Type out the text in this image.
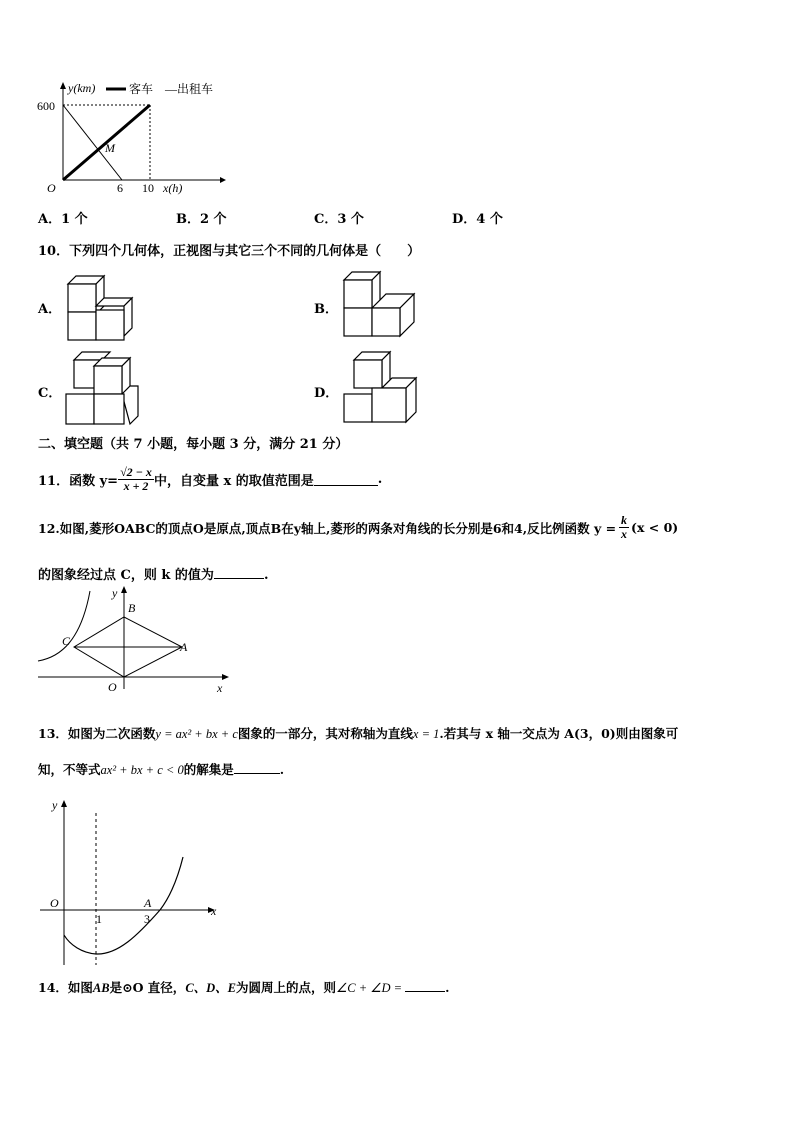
y(km)	客车 —出租车
600
6 10 x(h)
O
M
A．1 个	B．2 个	C．3 个	D．4 个
10．下列四个几何体，正视图与其它三个不同的几何体是（　　）
A．	B．
C．	D．
二、填空题（共 7 小题，每小题 3 分，满分 21 分）
11．函数 $y= \frac{√2 - x}{x + 2}$ 中，自变量 x 的取值范围是	.
12.如图,菱形OABC的顶点O是原点,顶点B在y轴上,菱形的两条对角线的长分别是6和4,反比例函数 $y = \frac{k}{x} (x < 0)$
的图象经过点 C，则 k 的值为	.
B
C	A
O	x
y
13．如图为二次函数y = ax² + bx + c图象的一部分，其对称轴为直线x = 1.若其与 x 轴一交点为 A(3，0)则由图象可
知，不等式ax² + bx + c < 0的解集是	.
y
O
x
1
A
3
14．如图AB是⊙O 直径，C、D、E为圆周上的点，则∠C + ∠D =	.
